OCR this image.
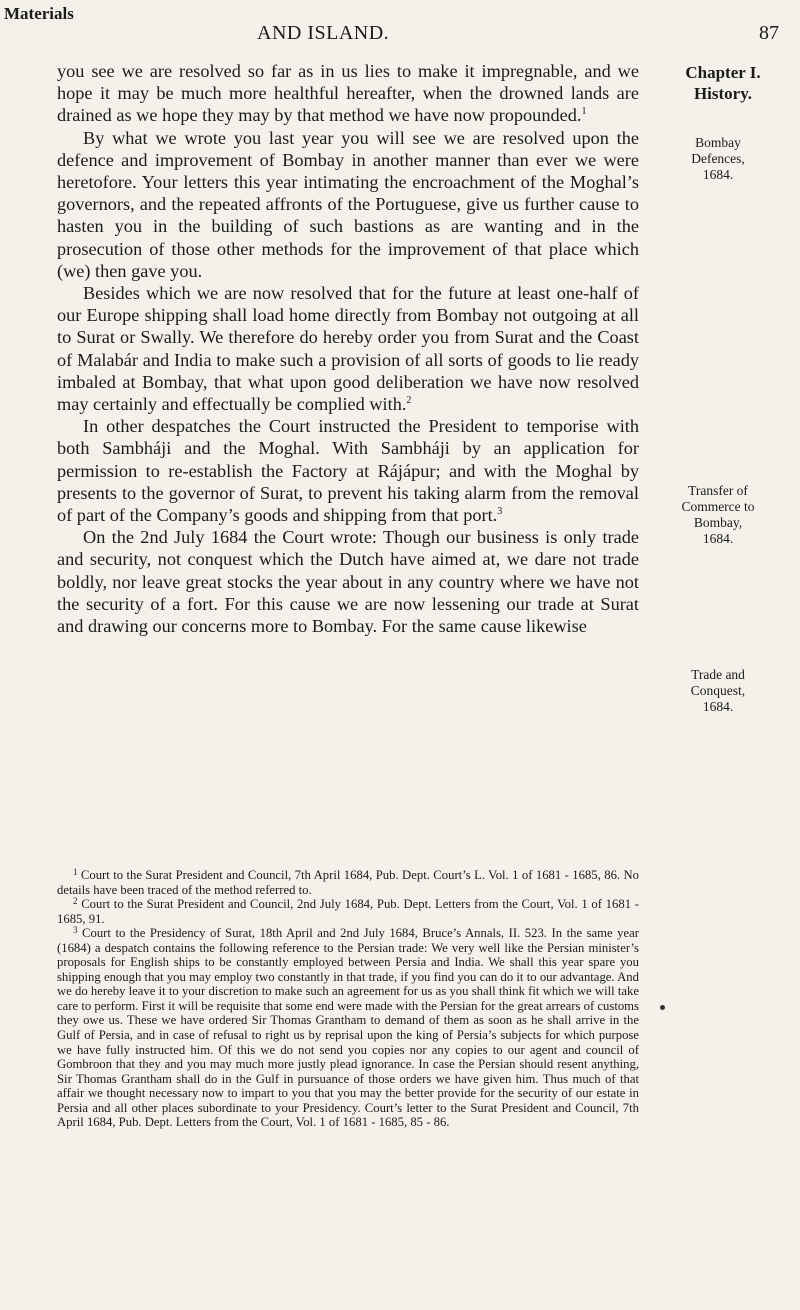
Materials
AND ISLAND.	87

you see we are resolved so far as in us lies to make it impregnable, and we hope it may be much more healthful hereafter, when the drowned lands are drained as we hope they may by that method we have now propounded.$^1$

By what we wrote you last year you will see we are resolved upon the defence and improvement of Bombay in another manner than ever we were heretofore. Your letters this year intimating the encroachment of the Moghal’s governors, and the repeated affronts of the Portuguese, give us further cause to hasten you in the building of such bastions as are wanting and in the prosecution of those other methods for the improvement of that place which (we) then gave you.

Besides which we are now resolved that for the future at least one-half of our Europe shipping shall load home directly from Bombay not outgoing at all to Surat or Swally. We therefore do hereby order you from Surat and the Coast of Malabár and India to make such a provision of all sorts of goods to lie ready imbaled at Bombay, that what upon good deliberation we have now resolved may certainly and effectually be complied with.$^2$

In other despatches the Court instructed the President to temporise with both Sambháji and the Moghal. With Sambháji by an application for permission to re-establish the Factory at Rájápur; and with the Moghal by presents to the governor of Surat, to prevent his taking alarm from the removal of part of the Company’s goods and shipping from that port.$^3$

On the 2nd July 1684 the Court wrote: Though our business is only trade and security, not conquest which the Dutch have aimed at, we dare not trade boldly, nor leave great stocks the year about in any country where we have not the security of a fort. For this cause we are now lessening our trade at Surat and drawing our concerns more to Bombay. For the same cause likewise

Chapter I.
History.
Bombay
Defences,
1684.
Transfer of
Commerce to
Bombay,
1684.
Trade and
Conquest,
1684.

$^1$ Court to the Surat President and Council, 7th April 1684, Pub. Dept. Court’s L. Vol. 1 of 1681 - 1685, 86. No details have been traced of the method referred to.

$^2$ Court to the Surat President and Council, 2nd July 1684, Pub. Dept. Letters from the Court, Vol. 1 of 1681 - 1685, 91.

$^3$ Court to the Presidency of Surat, 18th April and 2nd July 1684, Bruce’s Annals, II. 523. In the same year (1684) a despatch contains the following reference to the Persian trade: We very well like the Persian minister’s proposals for English ships to be constantly employed between Persia and India. We shall this year spare you shipping enough that you may employ two constantly in that trade, if you find you can do it to our advantage. And we do hereby leave it to your discretion to make such an agreement for us as you shall think fit which we will take care to perform. First it will be requisite that some end were made with the Persian for the great arrears of customs they owe us. These we have ordered Sir Thomas Grantham to demand of them as soon as he shall arrive in the Gulf of Persia, and in case of refusal to right us by reprisal upon the king of Persia’s subjects for which purpose we have fully instructed him. Of this we do not send you copies nor any copies to our agent and council of Gombroon that they and you may much more justly plead ignorance. In case the Persian should resent anything, Sir Thomas Grantham shall do in the Gulf in pursuance of those orders we have given him. Thus much of that affair we thought necessary now to impart to you that you may the better provide for the security of our estate in Persia and all other places subordinate to your Presidency. Court’s letter to the Surat President and Council, 7th April 1684, Pub. Dept. Letters from the Court, Vol. 1 of 1681 - 1685, 85 - 86.
